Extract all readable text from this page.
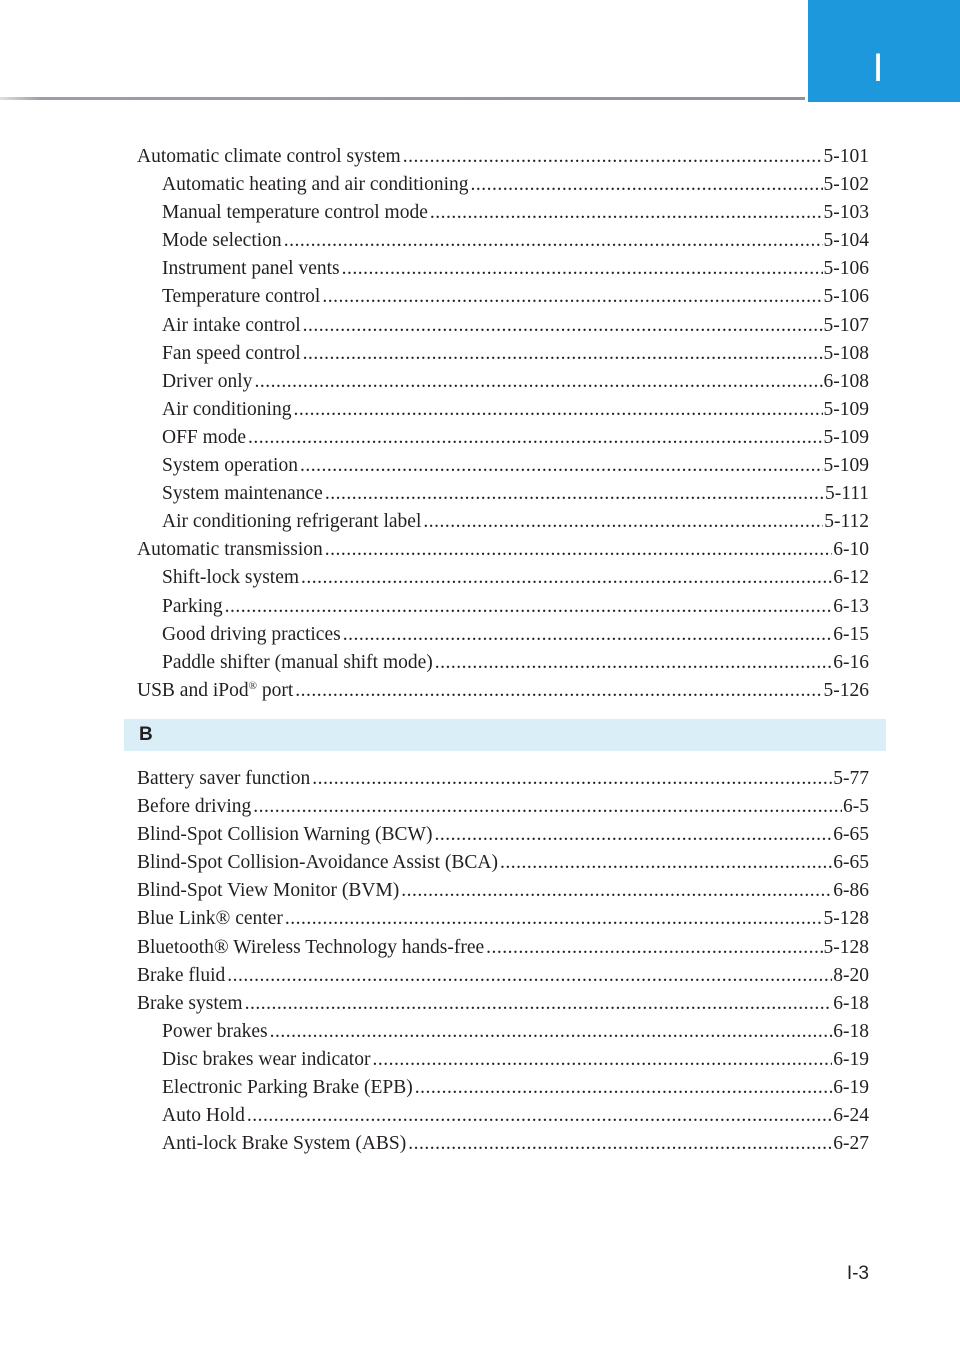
I
Automatic climate control system .....	5-101
Automatic heating and air conditioning .....	5-102
Manual temperature control mode .....	5-103
Mode selection .....	5-104
Instrument panel vents .....	5-106
Temperature control .....	5-106
Air intake control .....	5-107
Fan speed control .....	5-108
Driver only .....	6-108
Air conditioning .....	5-109
OFF mode .....	5-109
System operation .....	5-109
System maintenance .....	5-111
Air conditioning refrigerant label .....	5-112
Automatic transmission .....	6-10
Shift-lock system .....	6-12
Parking .....	6-13
Good driving practices .....	6-15
Paddle shifter (manual shift mode) .....	6-16
USB and iPod® port .....	5-126
B
Battery saver function .....	5-77
Before driving .....	6-5
Blind-Spot Collision Warning (BCW) .....	6-65
Blind-Spot Collision-Avoidance Assist (BCA) .....	6-65
Blind-Spot View Monitor (BVM) .....	6-86
Blue Link® center .....	5-128
Bluetooth® Wireless Technology hands-free .....	5-128
Brake fluid .....	8-20
Brake system .....	6-18
Power brakes .....	6-18
Disc brakes wear indicator .....	6-19
Electronic Parking Brake (EPB) .....	6-19
Auto Hold .....	6-24
Anti-lock Brake System (ABS) .....	6-27
I-3
